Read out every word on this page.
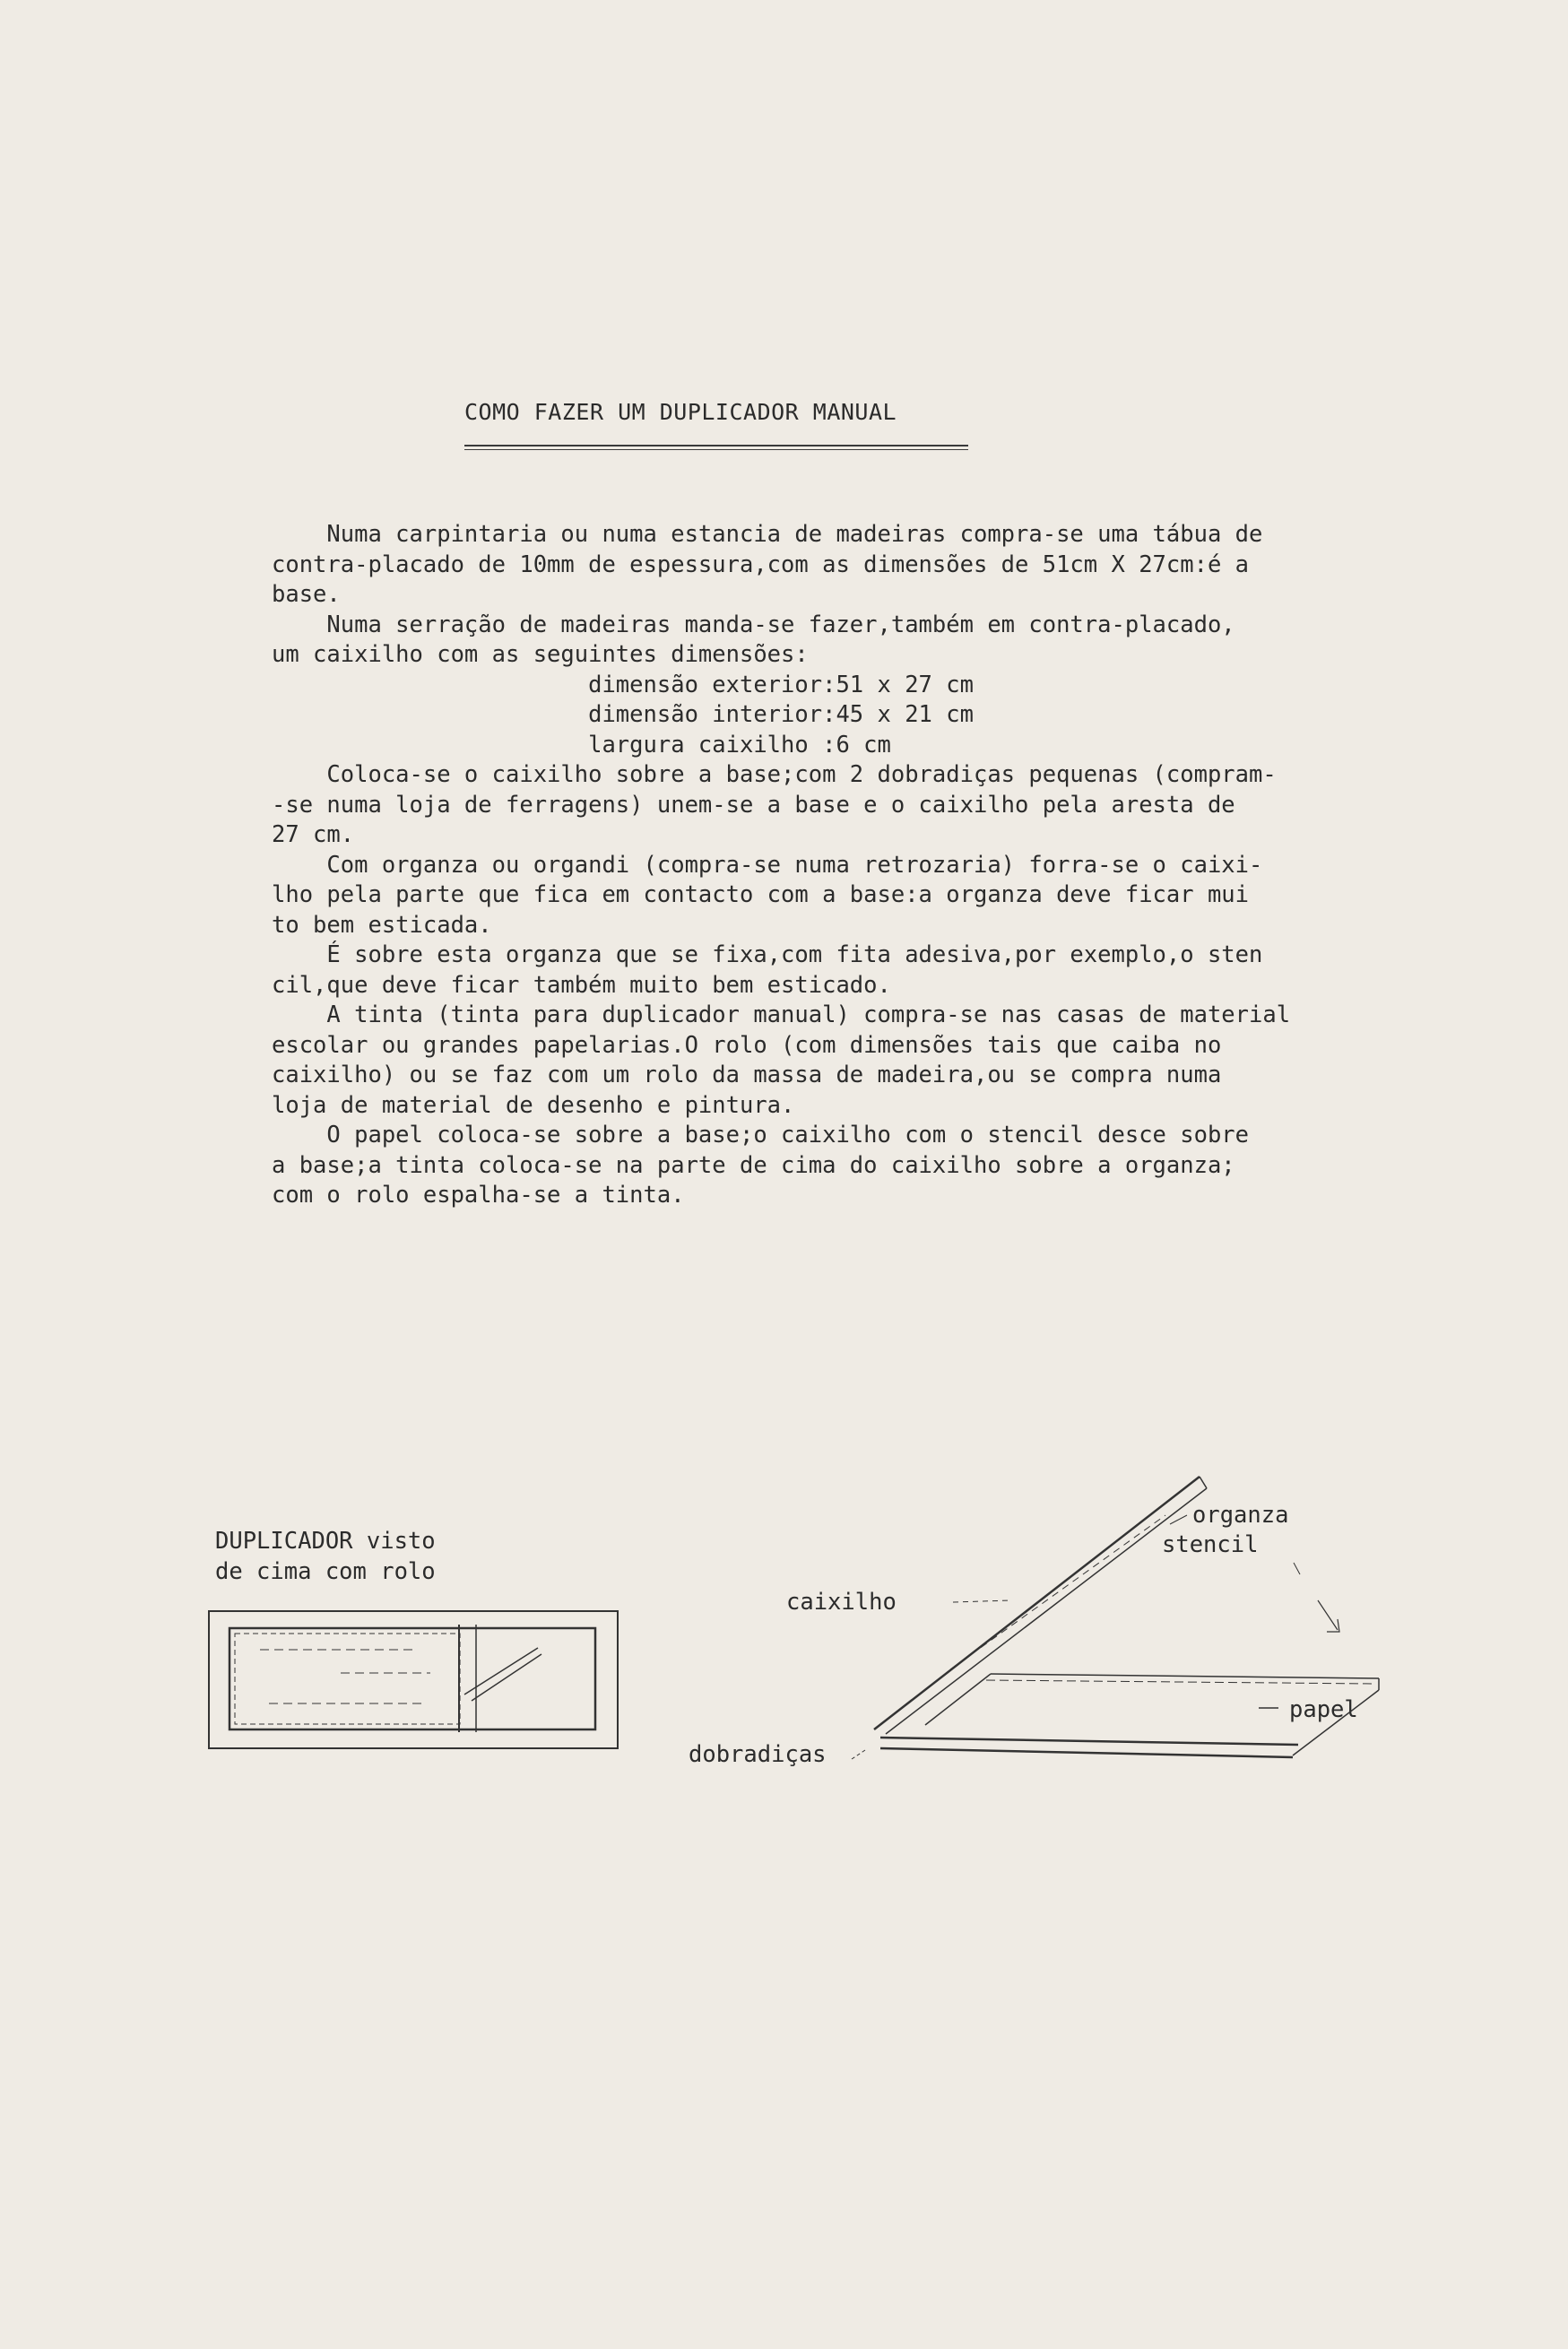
COMO FAZER UM DUPLICADOR MANUAL
Numa carpintaria ou numa estancia de madeiras compra-se uma tábua de
contra-placado de 10mm de espessura,com as dimensões de 51cm X 27cm:é a
base.
Numa serração de madeiras manda-se fazer,também em contra-placado,
um caixilho com as seguintes dimensões:
dimensão exterior:51 x 27 cm
dimensão interior:45 x 21 cm
largura caixilho :6 cm
Coloca-se o caixilho sobre a base;com 2 dobradiças pequenas (compram-
-se numa loja de ferragens) unem-se a base e o caixilho pela aresta de
27 cm.
Com organza ou organdi (compra-se numa retrozaria) forra-se o caixi-
lho pela parte que fica em contacto com a base:a organza deve ficar mui
to bem esticada.
É sobre esta organza que se fixa,com fita adesiva,por exemplo,o sten
cil,que deve ficar também muito bem esticado.
A tinta (tinta para duplicador manual) compra-se nas casas de material
escolar ou grandes papelarias.O rolo (com dimensões tais que caiba no
caixilho) ou se faz com um rolo da massa de madeira,ou se compra numa
loja de material de desenho e pintura.
O papel coloca-se sobre a base;o caixilho com o stencil desce sobre
a base;a tinta coloca-se na parte de cima do caixilho sobre a organza;
com o rolo espalha-se a tinta.
DUPLICADOR visto
de cima com rolo
organza
stencil
caixilho
papel
dobradiças
